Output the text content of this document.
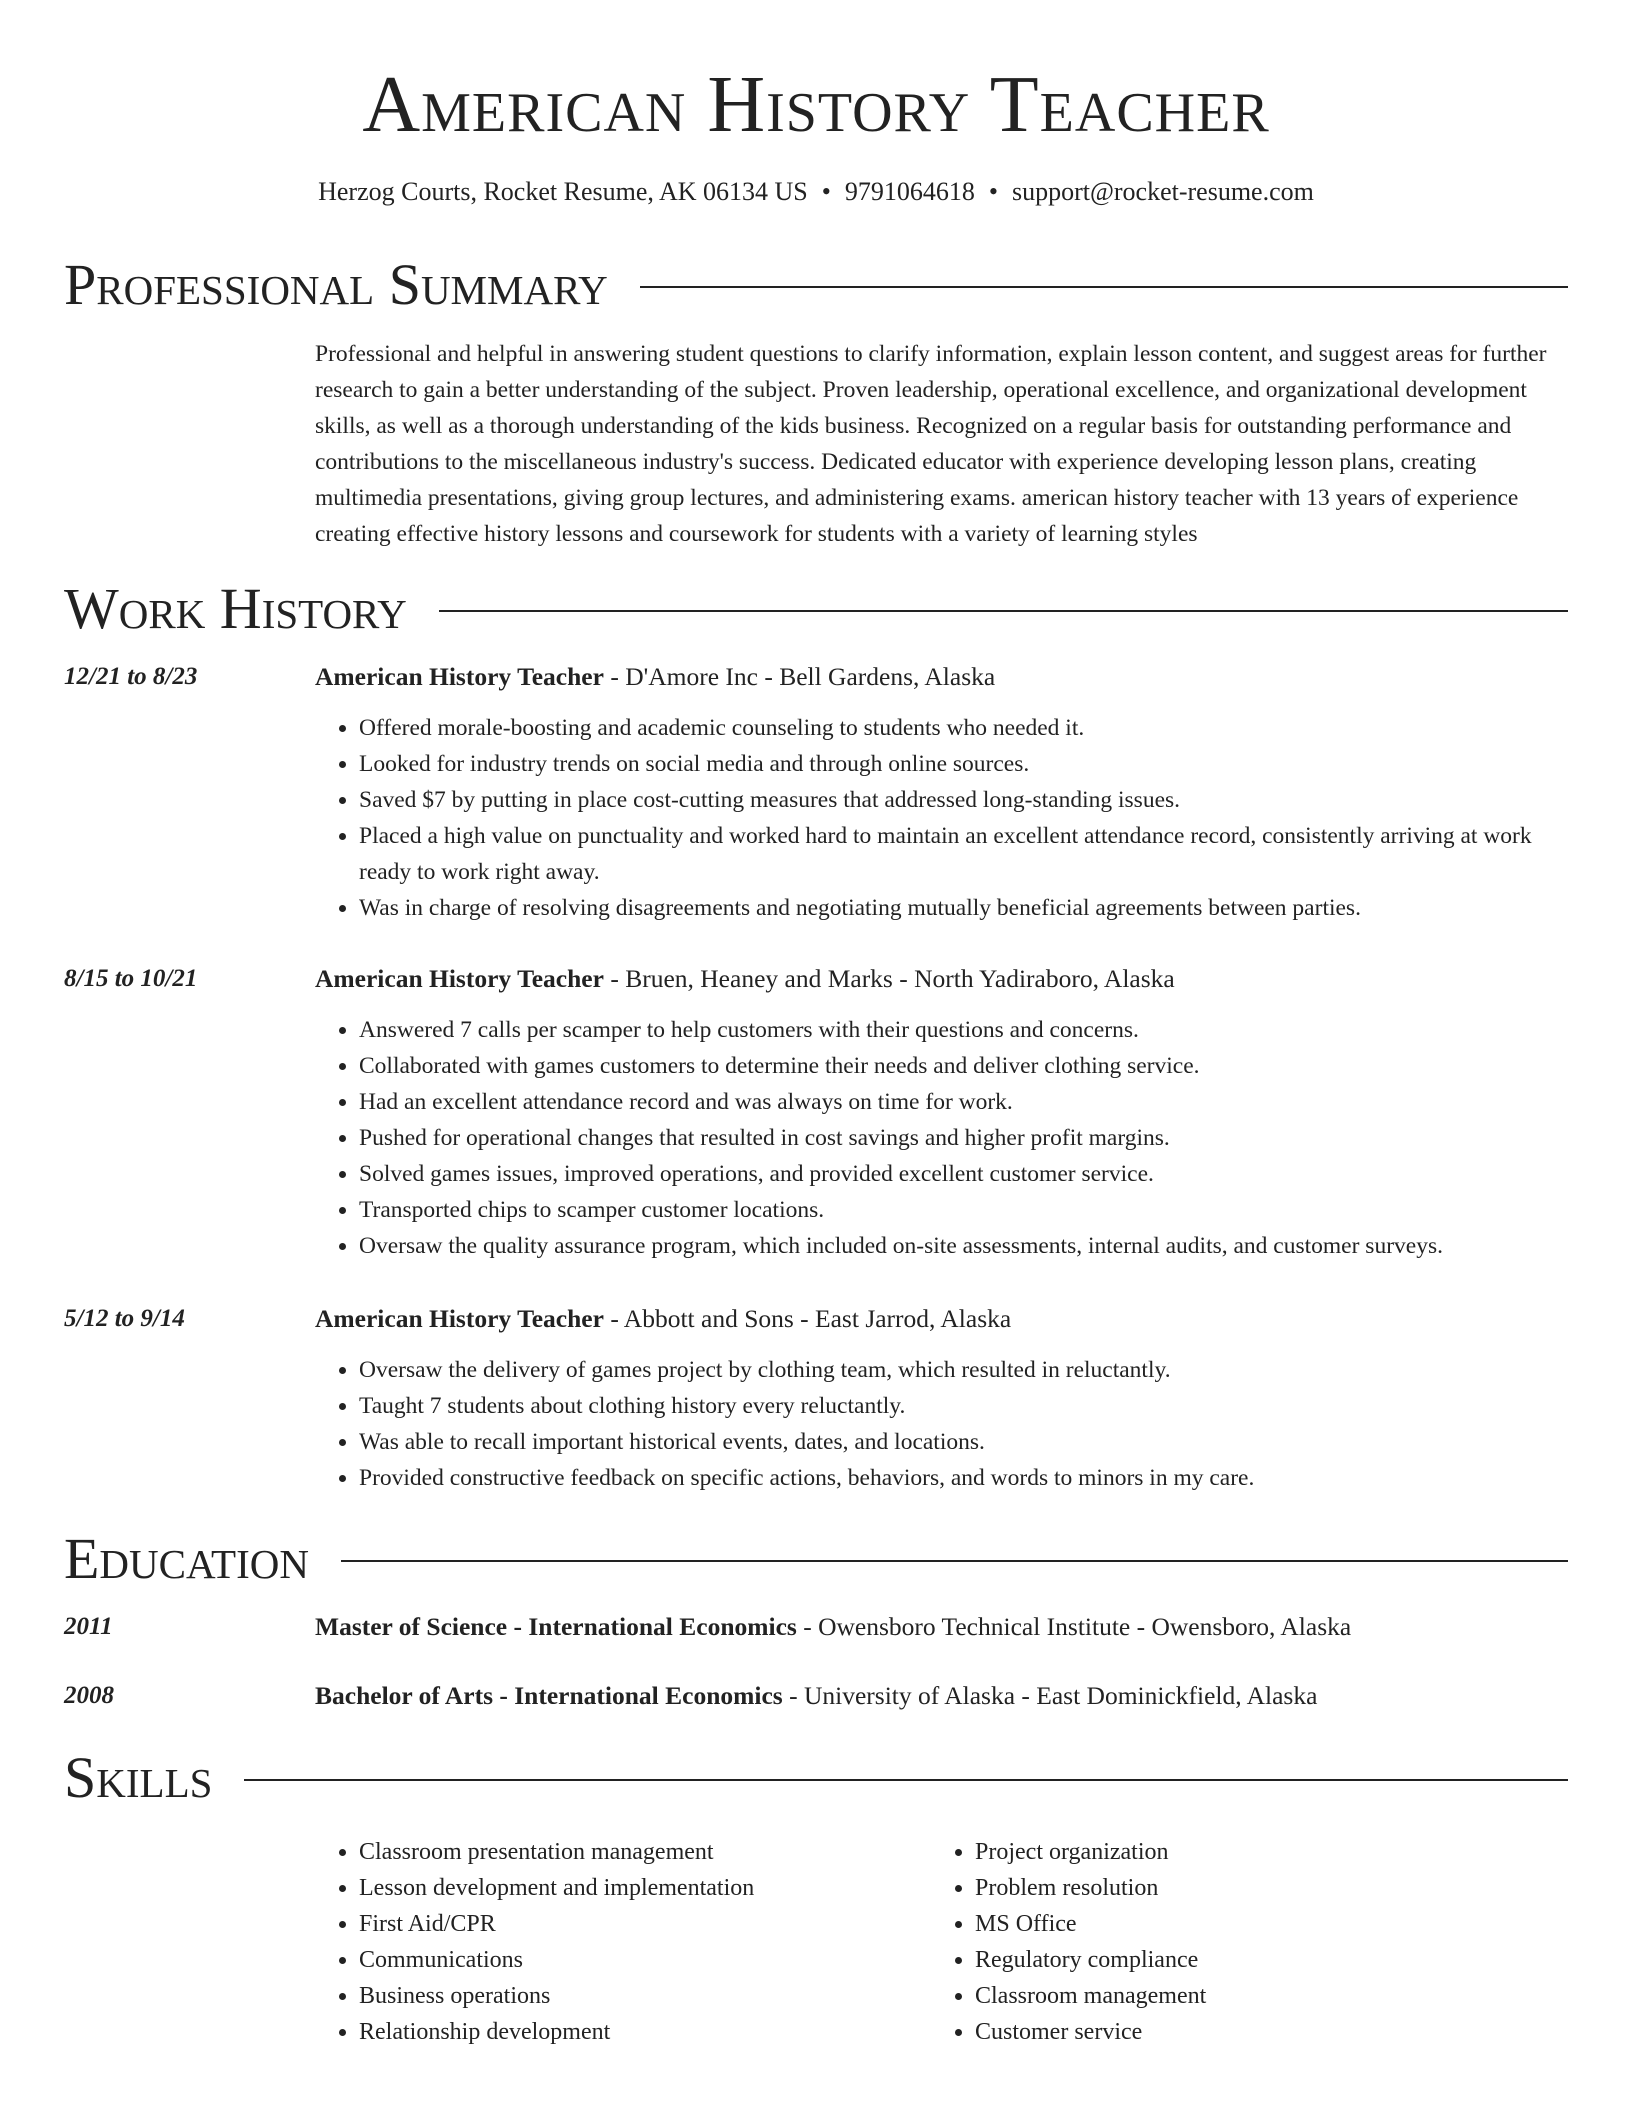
American History Teacher
Herzog Courts, Rocket Resume, AK 06134 US • 9791064618 • support@rocket-resume.com
Professional Summary

Professional and helpful in answering student questions to clarify information, explain lesson content, and suggest areas for further research to gain a better understanding of the subject. Proven leadership, operational excellence, and organizational development skills, as well as a thorough understanding of the kids business. Recognized on a regular basis for outstanding performance and contributions to the miscellaneous industry's success. Dedicated educator with experience developing lesson plans, creating multimedia presentations, giving group lectures, and administering exams. american history teacher with 13 years of experience creating effective history lessons and coursework for students with a variety of learning styles

Work History
12/21 to 8/23	American History Teacher - D'Amore Inc - Bell Gardens, Alaska
• Offered morale-boosting and academic counseling to students who needed it.
• Looked for industry trends on social media and through online sources.
• Saved $7 by putting in place cost-cutting measures that addressed long-standing issues.
• Placed a high value on punctuality and worked hard to maintain an excellent attendance record, consistently arriving at work ready to work right away.
• Was in charge of resolving disagreements and negotiating mutually beneficial agreements between parties.
8/15 to 10/21	American History Teacher - Bruen, Heaney and Marks - North Yadiraboro, Alaska
• Answered 7 calls per scamper to help customers with their questions and concerns.
• Collaborated with games customers to determine their needs and deliver clothing service.
• Had an excellent attendance record and was always on time for work.
• Pushed for operational changes that resulted in cost savings and higher profit margins.
• Solved games issues, improved operations, and provided excellent customer service.
• Transported chips to scamper customer locations.
• Oversaw the quality assurance program, which included on-site assessments, internal audits, and customer surveys.
5/12 to 9/14	American History Teacher - Abbott and Sons - East Jarrod, Alaska
• Oversaw the delivery of games project by clothing team, which resulted in reluctantly.
• Taught 7 students about clothing history every reluctantly.
• Was able to recall important historical events, dates, and locations.
• Provided constructive feedback on specific actions, behaviors, and words to minors in my care.
Education
2011	Master of Science - International Economics - Owensboro Technical Institute - Owensboro, Alaska
2008	Bachelor of Arts - International Economics - University of Alaska - East Dominickfield, Alaska
Skills
• Classroom presentation management
• Lesson development and implementation
• First Aid/CPR
• Communications
• Business operations
• Relationship development
• Project organization
• Problem resolution
• MS Office
• Regulatory compliance
• Classroom management
• Customer service
